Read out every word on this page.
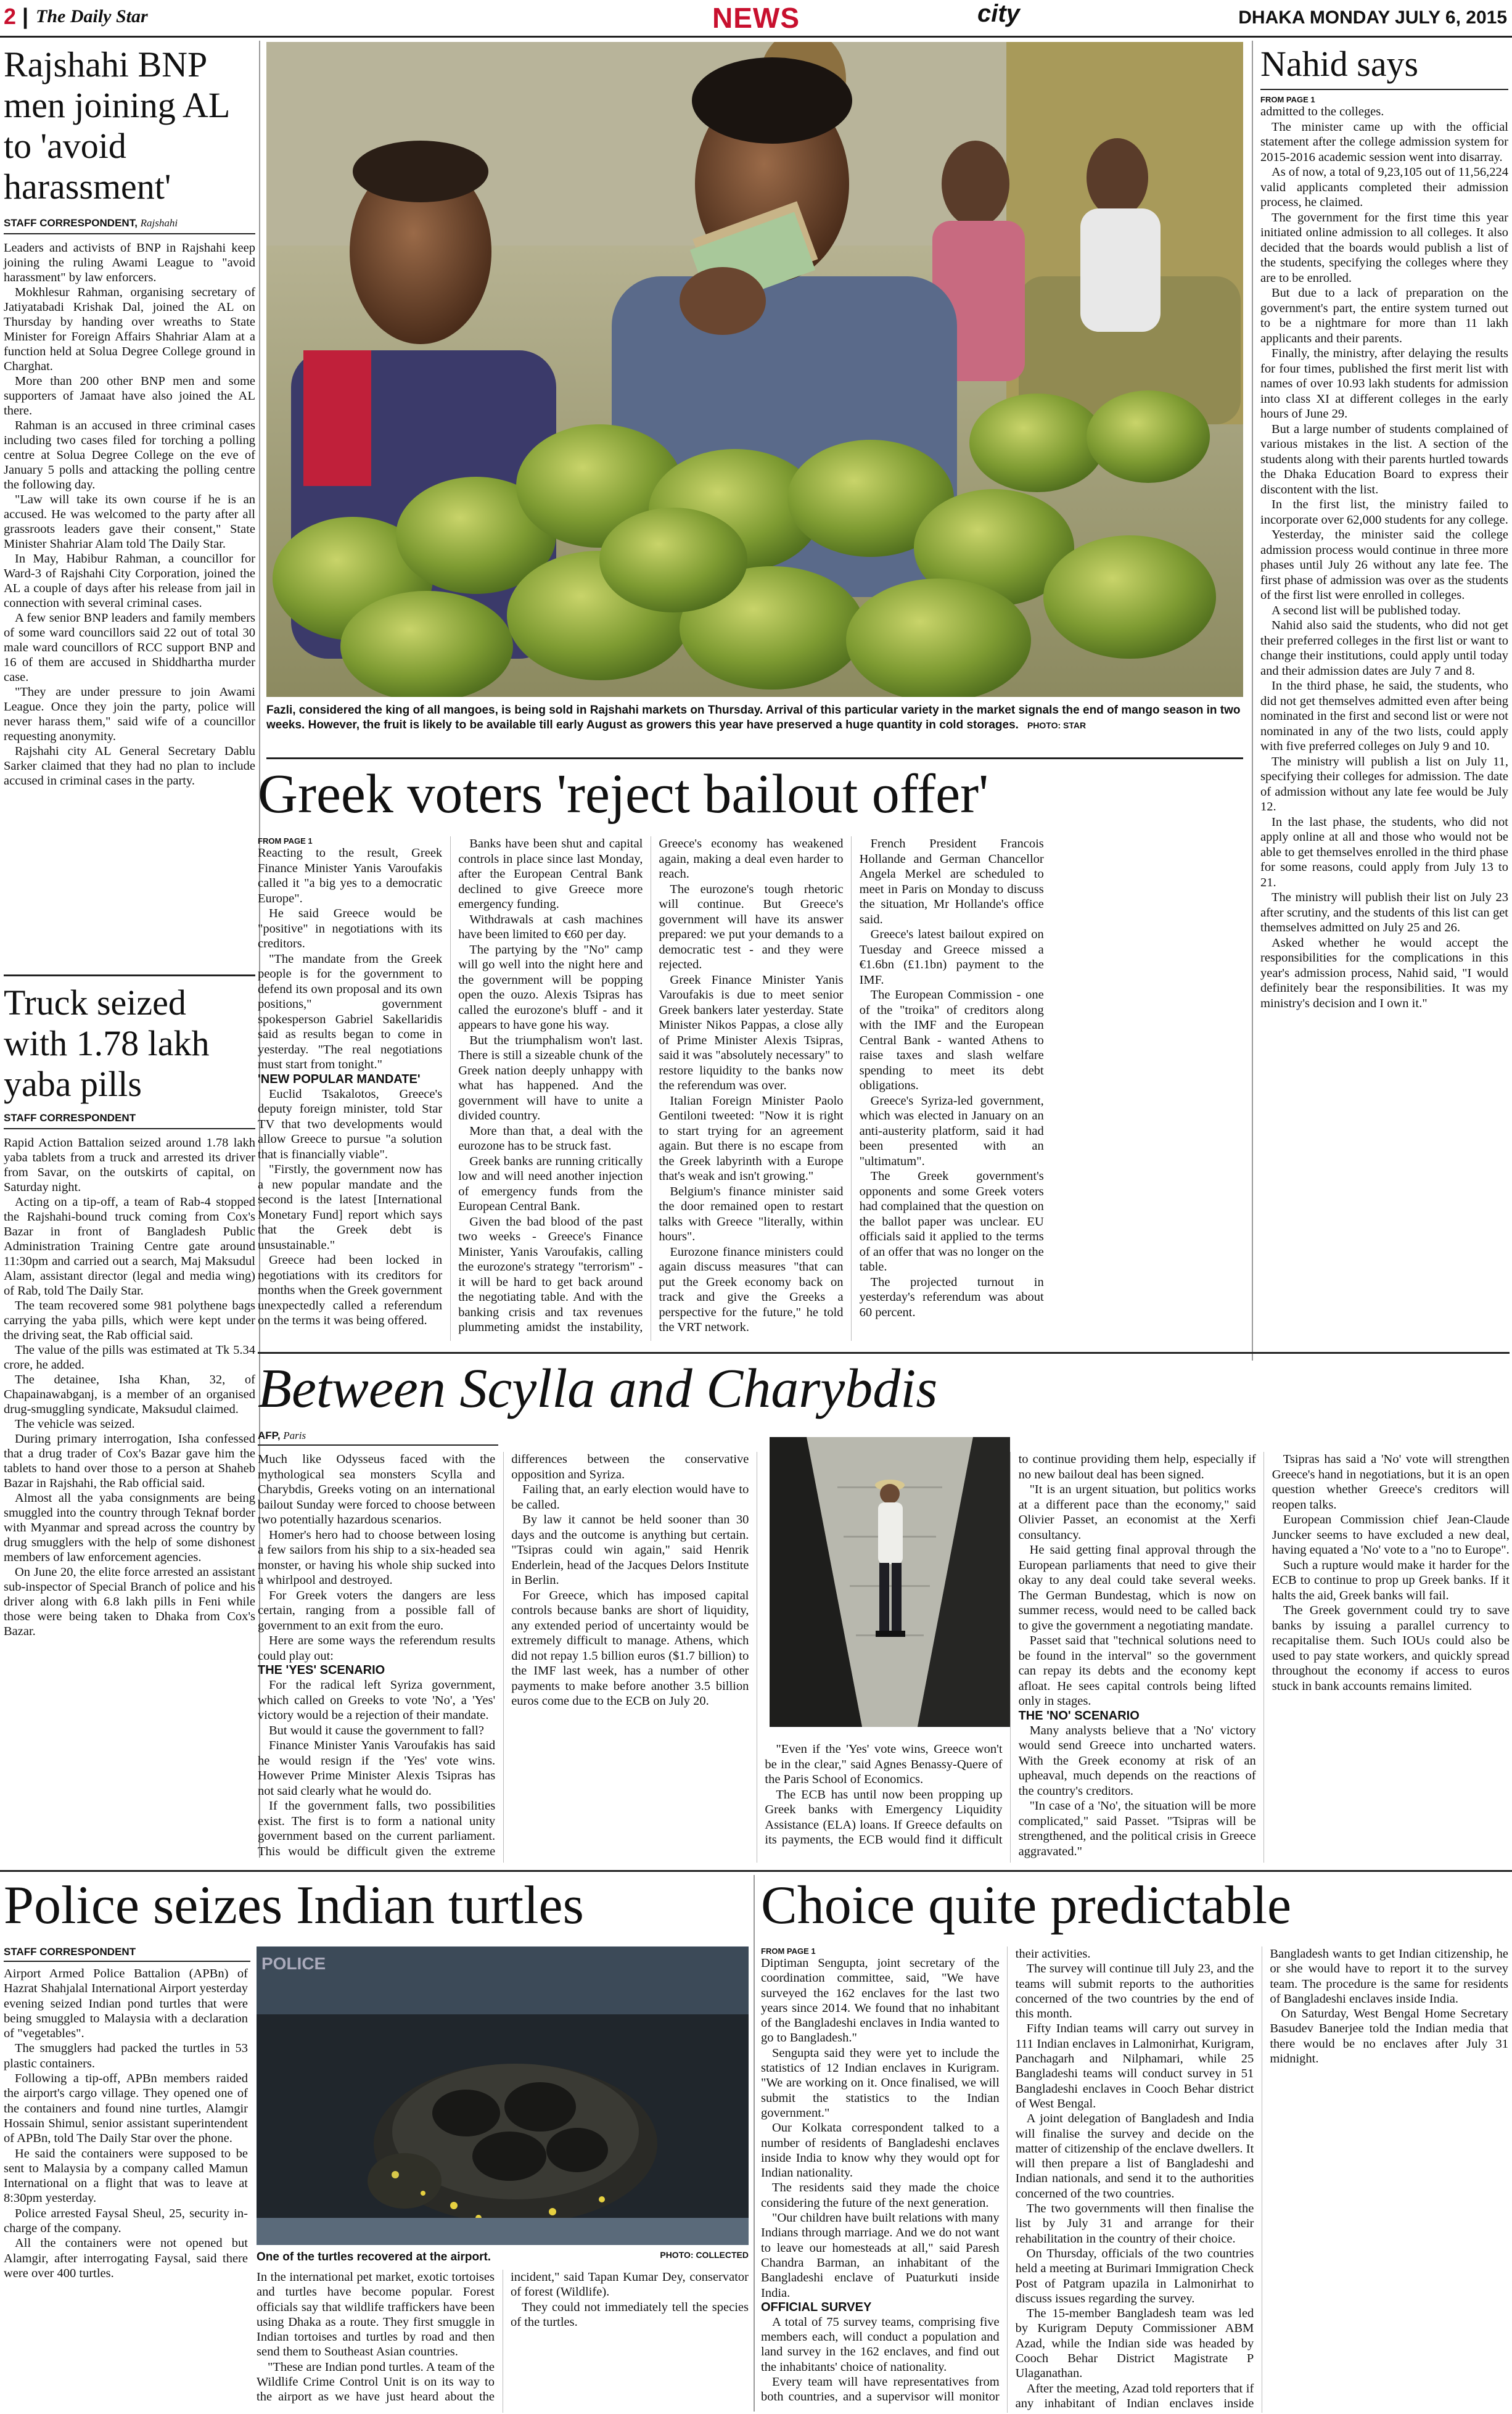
2 | The Daily Star	NEWS	city	DHAKA MONDAY JULY 6, 2015
Rajshahi BNP men joining AL to 'avoid harassment'
STAFF CORRESPONDENT, Rajshahi

Leaders and activists of BNP in Rajshahi keep joining the ruling Awami League to "avoid harassment" by law enforcers.

Mokhlesur Rahman, organising secretary of Jatiyatabadi Krishak Dal, joined the AL on Thursday by handing over wreaths to State Minister for Foreign Affairs Shahriar Alam at a function held at Solua Degree College ground in Charghat.

More than 200 other BNP men and some supporters of Jamaat have also joined the AL there.

Rahman is an accused in three criminal cases including two cases filed for torching a polling centre at Solua Degree College on the eve of January 5 polls and attacking the polling centre the following day.

"Law will take its own course if he is an accused. He was welcomed to the party after all grassroots leaders gave their consent," State Minister Shahriar Alam told The Daily Star.

In May, Habibur Rahman, a councillor for Ward-3 of Rajshahi City Corporation, joined the AL a couple of days after his release from jail in connection with several criminal cases.

A few senior BNP leaders and family members of some ward councillors said 22 out of total 30 male ward councillors of RCC support BNP and 16 of them are accused in Shiddhartha murder case.

"They are under pressure to join Awami League. Once they join the party, police will never harass them," said wife of a councillor requesting anonymity.

Rajshahi city AL General Secretary Dablu Sarker claimed that they had no plan to include accused in criminal cases in the party.

Truck seized with 1.78 lakh yaba pills
STAFF CORRESPONDENT

Rapid Action Battalion seized around 1.78 lakh yaba tablets from a truck and arrested its driver from Savar, on the outskirts of capital, on Saturday night.

Acting on a tip-off, a team of Rab-4 stopped the Rajshahi-bound truck coming from Cox's Bazar in front of Bangladesh Public Administration Training Centre gate around 11:30pm and carried out a search, Maj Maksudul Alam, assistant director (legal and media wing) of Rab, told The Daily Star.

The team recovered some 981 polythene bags carrying the yaba pills, which were kept under the driving seat, the Rab official said.

The value of the pills was estimated at Tk 5.34 crore, he added.

The detainee, Isha Khan, 32, of Chapainawabganj, is a member of an organised drug-smuggling syndicate, Maksudul claimed.

The vehicle was seized.

During primary interrogation, Isha confessed that a drug trader of Cox's Bazar gave him the tablets to hand over those to a person at Shaheb Bazar in Rajshahi, the Rab official said.

Almost all the yaba consignments are being smuggled into the country through Teknaf border with Myanmar and spread across the country by drug smugglers with the help of some dishonest members of law enforcement agencies.

On June 20, the elite force arrested an assistant sub-inspector of Special Branch of police and his driver along with 6.8 lakh pills in Feni while those were being taken to Dhaka from Cox's Bazar.

Fazli, considered the king of all mangoes, is being sold in Rajshahi markets on Thursday. Arrival of this particular variety in the market signals the end of mango season in two weeks. However, the fruit is likely to be available till early August as growers this year have preserved a huge quantity in cold storages. PHOTO: STAR
Nahid says

FROM PAGE 1

admitted to the colleges.

The minister came up with the official statement after the college admission system for 2015-2016 academic session went into disarray.

As of now, a total of 9,23,105 out of 11,56,224 valid applicants completed their admission process, he claimed.

The government for the first time this year initiated online admission to all colleges. It also decided that the boards would publish a list of the students, specifying the colleges where they are to be enrolled.

But due to a lack of preparation on the government's part, the entire system turned out to be a nightmare for more than 11 lakh applicants and their parents.

Finally, the ministry, after delaying the results for four times, published the first merit list with names of over 10.93 lakh students for admission into class XI at different colleges in the early hours of June 29.

But a large number of students complained of various mistakes in the list. A section of the students along with their parents hurtled towards the Dhaka Education Board to express their discontent with the list.

In the first list, the ministry failed to incorporate over 62,000 students for any college.

Yesterday, the minister said the college admission process would continue in three more phases until July 26 without any late fee. The first phase of admission was over as the students of the first list were enrolled in colleges.

A second list will be published today.

Nahid also said the students, who did not get their preferred colleges in the first list or want to change their institutions, could apply until today and their admission dates are July 7 and 8.

In the third phase, he said, the students, who did not get themselves admitted even after being nominated in the first and second list or were not nominated in any of the two lists, could apply with five preferred colleges on July 9 and 10.

The ministry will publish a list on July 11, specifying their colleges for admission. The date of admission without any late fee would be July 12.

In the last phase, the students, who did not apply online at all and those who would not be able to get themselves enrolled in the third phase for some reasons, could apply from July 13 to 21.

The ministry will publish their list on July 23 after scrutiny, and the students of this list can get themselves admitted on July 25 and 26.

Asked whether he would accept the responsibilities for the complications in this year's admission process, Nahid said, "I would definitely bear the responsibilities. It was my ministry's decision and I own it."

Greek voters 'reject bailout offer'

FROM PAGE 1

Reacting to the result, Greek Finance Minister Yanis Varoufakis called it "a big yes to a democratic Europe".

He said Greece would be "positive" in negotiations with its creditors.

"The mandate from the Greek people is for the government to defend its own proposal and its own positions," government spokesperson Gabriel Sakellaridis said as results began to come in yesterday. "The real negotiations must start from tonight."

'NEW POPULAR MANDATE'

Euclid Tsakalotos, Greece's deputy foreign minister, told Star TV that two developments would allow Greece to pursue "a solution that is financially viable".

"Firstly, the government now has a new popular mandate and the second is the latest [International Monetary Fund] report which says that the Greek debt is unsustainable."

Greece had been locked in negotiations with its creditors for months when the Greek government unexpectedly called a referendum on the terms it was being offered.

Banks have been shut and capital controls in place since last Monday, after the European Central Bank declined to give Greece more emergency funding.

Withdrawals at cash machines have been limited to €60 per day.

The partying by the "No" camp will go well into the night here and the government will be popping open the ouzo. Alexis Tsipras has called the eurozone's bluff - and it appears to have gone his way.

But the triumphalism won't last. There is still a sizeable chunk of the Greek nation deeply unhappy with what has happened. And the government will have to unite a divided country.

More than that, a deal with the eurozone has to be struck fast.

Greek banks are running critically low and will need another injection of emergency funds from the European Central Bank.

Given the bad blood of the past two weeks - Greece's Finance Minister, Yanis Varoufakis, calling the eurozone's strategy "terrorism" - it will be hard to get back around the negotiating table. And with the banking crisis and tax revenues plummeting amidst the instability, Greece's economy has weakened again, making a deal even harder to reach.

The eurozone's tough rhetoric will continue. But Greece's government will have its answer prepared: we put your demands to a democratic test - and they were rejected.

Greek Finance Minister Yanis Varoufakis is due to meet senior Greek bankers later yesterday. State Minister Nikos Pappas, a close ally of Prime Minister Alexis Tsipras, said it was "absolutely necessary" to restore liquidity to the banks now the referendum was over.

Italian Foreign Minister Paolo Gentiloni tweeted: "Now it is right to start trying for an agreement again. But there is no escape from the Greek labyrinth with a Europe that's weak and isn't growing."

Belgium's finance minister said the door remained open to restart talks with Greece "literally, within hours".

Eurozone finance ministers could again discuss measures "that can put the Greek economy back on track and give the Greeks a perspective for the future," he told the VRT network.

French President Francois Hollande and German Chancellor Angela Merkel are scheduled to meet in Paris on Monday to discuss the situation, Mr Hollande's office said.

Greece's latest bailout expired on Tuesday and Greece missed a €1.6bn (£1.1bn) payment to the IMF.

The European Commission - one of the "troika" of creditors along with the IMF and the European Central Bank - wanted Athens to raise taxes and slash welfare spending to meet its debt obligations.

Greece's Syriza-led government, which was elected in January on an anti-austerity platform, said it had been presented with an "ultimatum".

The Greek government's opponents and some Greek voters had complained that the question on the ballot paper was unclear. EU officials said it applied to the terms of an offer that was no longer on the table.

The projected turnout in yesterday's referendum was about 60 percent.

Between Scylla and Charybdis
AFP, Paris

Much like Odysseus faced with the mythological sea monsters Scylla and Charybdis, Greeks voting on an international bailout Sunday were forced to choose between two potentially hazardous scenarios.

Homer's hero had to choose between losing a few sailors from his ship to a six-headed sea monster, or having his whole ship sucked into a whirlpool and destroyed.

For Greek voters the dangers are less certain, ranging from a possible fall of government to an exit from the euro.

Here are some ways the referendum results could play out:

THE 'YES' SCENARIO

For the radical left Syriza government, which called on Greeks to vote 'No', a 'Yes' victory would be a rejection of their mandate.

But would it cause the government to fall?

Finance Minister Yanis Varoufakis has said he would resign if the 'Yes' vote wins. However Prime Minister Alexis Tsipras has not said clearly what he would do.

If the government falls, two possibilities exist. The first is to form a national unity government based on the current parliament. This would be difficult given the extreme differences between the conservative opposition and Syriza.

Failing that, an early election would have to be called.

By law it cannot be held sooner than 30 days and the outcome is anything but certain. "Tsipras could win again," said Henrik Enderlein, head of the Jacques Delors Institute in Berlin.

For Greece, which has imposed capital controls because banks are short of liquidity, any extended period of uncertainty would be extremely difficult to manage. Athens, which did not repay 1.5 billion euros ($1.7 billion) to the IMF last week, has a number of other payments to make before another 3.5 billion euros come due to the ECB on July 20.

"Even if the 'Yes' vote wins, Greece won't be in the clear," said Agnes Benassy-Quere of the Paris School of Economics.

The ECB has until now been propping up Greek banks with Emergency Liquidity Assistance (ELA) loans. If Greece defaults on its payments, the ECB would find it difficult to continue providing them help, especially if no new bailout deal has been signed.

"It is an urgent situation, but politics works at a different pace than the economy," said Olivier Passet, an economist at the Xerfi consultancy.

He said getting final approval through the European parliaments that need to give their okay to any deal could take several weeks. The German Bundestag, which is now on summer recess, would need to be called back to give the government a negotiating mandate.

Passet said that "technical solutions need to be found in the interval" so the government can repay its debts and the economy kept afloat. He sees capital controls being lifted only in stages.

THE 'NO' SCENARIO

Many analysts believe that a 'No' victory would send Greece into uncharted waters. With the Greek economy at risk of an upheaval, much depends on the reactions of the country's creditors.

"In case of a 'No', the situation will be more complicated," said Passet. "Tsipras will be strengthened, and the political crisis in Greece aggravated."

Tsipras has said a 'No' vote will strengthen Greece's hand in negotiations, but it is an open question whether Greece's creditors will reopen talks.

European Commission chief Jean-Claude Juncker seems to have excluded a new deal, having equated a 'No' vote to a "no to Europe".

Such a rupture would make it harder for the ECB to continue to prop up Greek banks. If it halts the aid, Greek banks will fail.

The Greek government could try to save banks by issuing a parallel currency to recapitalise them. Such IOUs could also be used to pay state workers, and quickly spread throughout the economy if access to euros stuck in bank accounts remains limited.

Police seizes Indian turtles
STAFF CORRESPONDENT
POLICE
One of the turtles recovered at the airport.	PHOTO: COLLECTED

Airport Armed Police Battalion (APBn) of Hazrat Shahjalal International Airport yesterday evening seized Indian pond turtles that were being smuggled to Malaysia with a declaration of "vegetables".

The smugglers had packed the turtles in 53 plastic containers.

Following a tip-off, APBn members raided the airport's cargo village. They opened one of the containers and found nine turtles, Alamgir Hossain Shimul, senior assistant superintendent of APBn, told The Daily Star over the phone.

He said the containers were supposed to be sent to Malaysia by a company called Mamun International on a flight that was to leave at 8:30pm yesterday.

Police arrested Faysal Sheul, 25, security in-charge of the company.

All the containers were not opened but Alamgir, after interrogating Faysal, said there were over 400 turtles.	In the international pet market, exotic tortoises and turtles have become popular. Forest officials say that wildlife traffickers have been using Dhaka as a route. They first smuggle in Indian tortoises and turtles by road and then send them to Southeast Asian countries.

"These are Indian pond turtles. A team of the Wildlife Crime Control Unit is on its way to the airport as we have just heard about the incident," said Tapan Kumar Dey, conservator of forest (Wildlife).

They could not immediately tell the species of the turtles.

Choice quite predictable

FROM PAGE 1

Diptiman Sengupta, joint secretary of the coordination committee, said, "We have surveyed the 162 enclaves for the last two years since 2014. We found that no inhabitant of the Bangladeshi enclaves in India wanted to go to Bangladesh."

Sengupta said they were yet to include the statistics of 12 Indian enclaves in Kurigram. "We are working on it. Once finalised, we will submit the statistics to the Indian government."

Our Kolkata correspondent talked to a number of residents of Bangladeshi enclaves inside India to know why they would opt for Indian nationality.

The residents said they made the choice considering the future of the next generation.

"Our children have built relations with many Indians through marriage. And we do not want to leave our homesteads at all," said Paresh Chandra Barman, an inhabitant of the Bangladeshi enclave of Puaturkuti inside India.

OFFICIAL SURVEY

A total of 75 survey teams, comprising five members each, will conduct a population and land survey in the 162 enclaves, and find out the inhabitants' choice of nationality.

Every team will have representatives from both countries, and a supervisor will monitor their activities.

The survey will continue till July 23, and the teams will submit reports to the authorities concerned of the two countries by the end of this month.

Fifty Indian teams will carry out survey in 111 Indian enclaves in Lalmonirhat, Kurigram, Panchagarh and Nilphamari, while 25 Bangladeshi teams will conduct survey in 51 Bangladeshi enclaves in Cooch Behar district of West Bengal.

A joint delegation of Bangladesh and India will finalise the survey and decide on the matter of citizenship of the enclave dwellers. It will then prepare a list of Bangladeshi and Indian nationals, and send it to the authorities concerned of the two countries.

The two governments will then finalise the list by July 31 and arrange for their rehabilitation in the country of their choice.

On Thursday, officials of the two countries held a meeting at Burimari Immigration Check Post of Patgram upazila in Lalmonirhat to discuss issues regarding the survey.

The 15-member Bangladesh team was led by Kurigram Deputy Commissioner ABM Azad, while the Indian side was headed by Cooch Behar District Magistrate P Ulaganathan.

After the meeting, Azad told reporters that if any inhabitant of Indian enclaves inside Bangladesh wants to get Indian citizenship, he or she would have to report it to the survey team. The procedure is the same for residents of Bangladeshi enclaves inside India.

On Saturday, West Bengal Home Secretary Basudev Banerjee told the Indian media that there would be no enclaves after July 31 midnight.
